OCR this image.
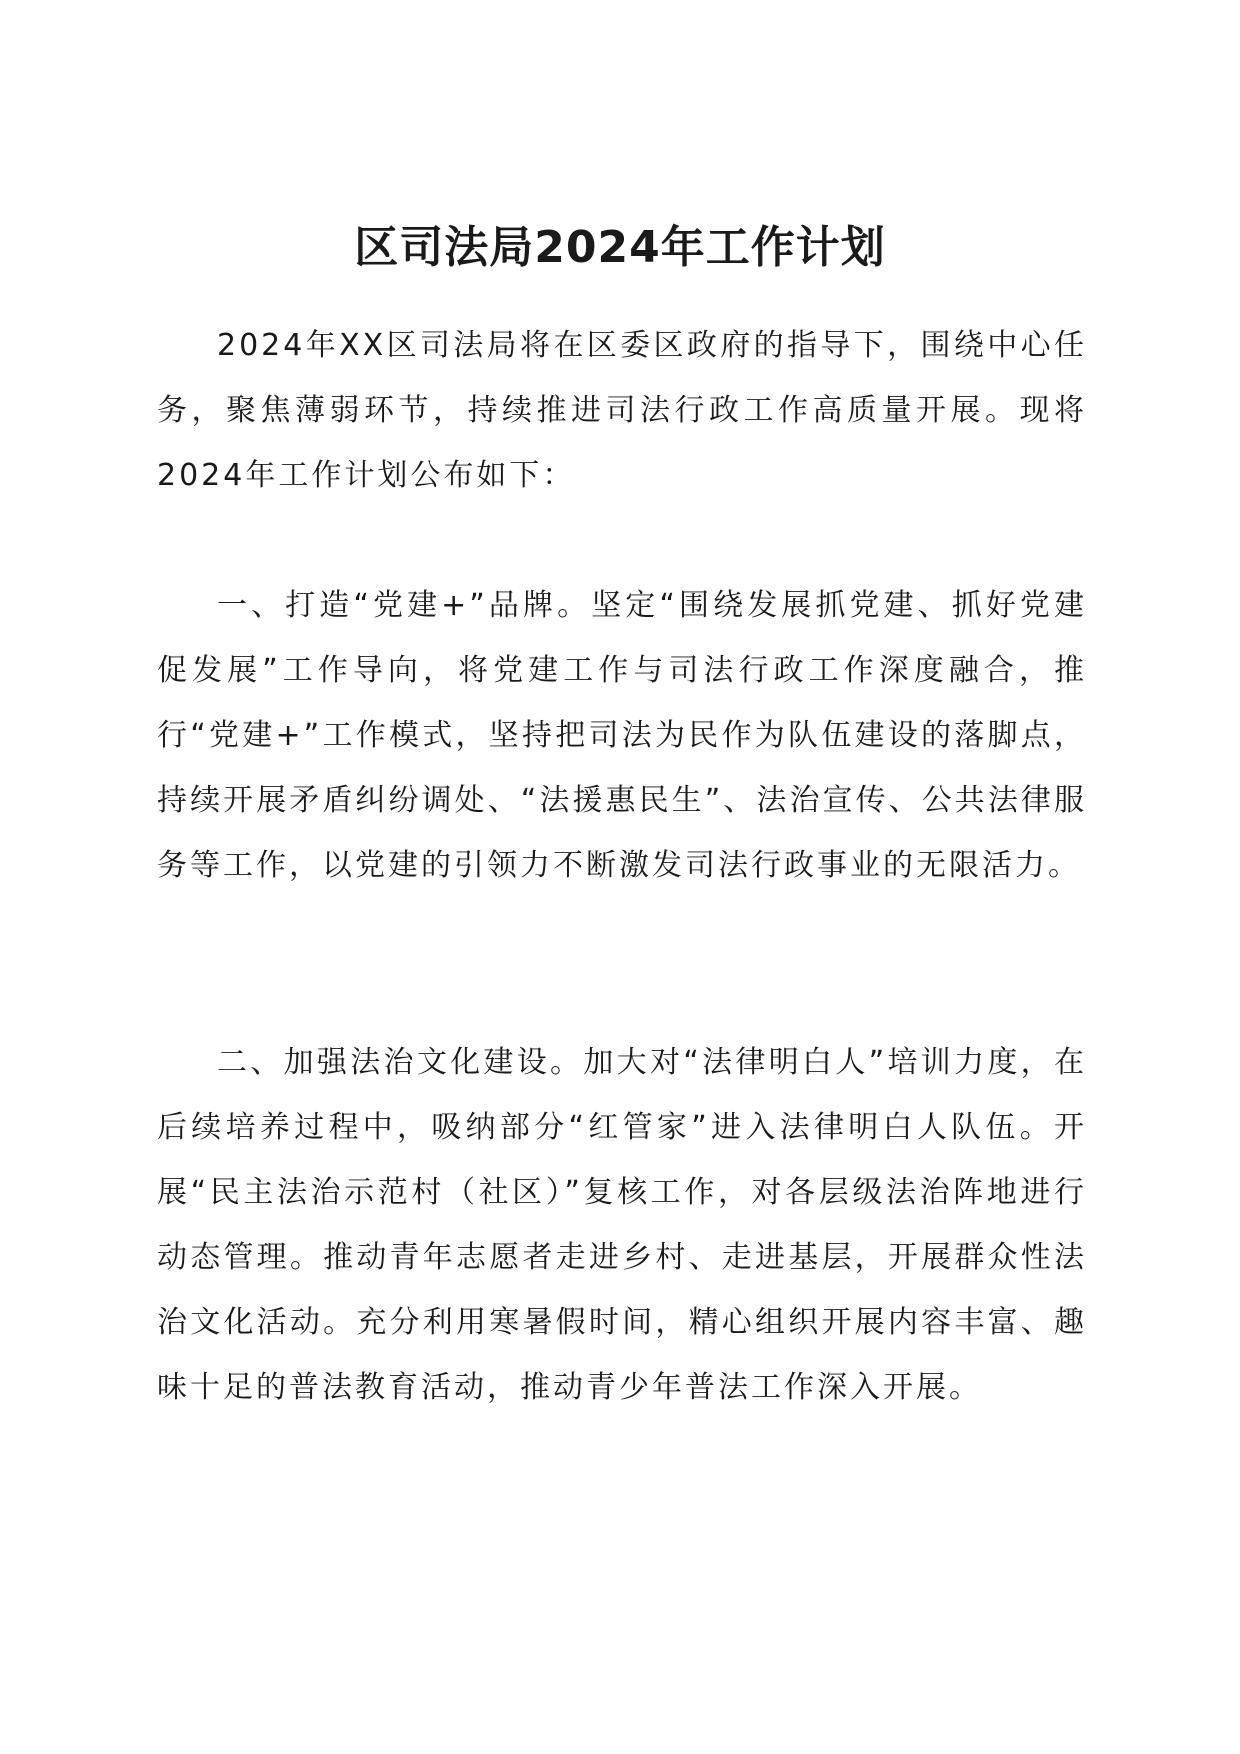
区司法局2024年工作计划

2024年XX区司法局将在区委区政府的指导下，围绕中心任务，聚焦薄弱环节，持续推进司法行政工作高质量开展。现将2024年工作计划公布如下：

一、打造“党建+”品牌。坚定“围绕发展抓党建、抓好党建促发展”工作导向，将党建工作与司法行政工作深度融合，推行“党建+”工作模式，坚持把司法为民作为队伍建设的落脚点，持续开展矛盾纠纷调处、“法援惠民生”、法治宣传、公共法律服务等工作，以党建的引领力不断激发司法行政事业的无限活力。

二、加强法治文化建设。加大对“法律明白人”培训力度，在后续培养过程中，吸纳部分“红管家”进入法律明白人队伍。开展“民主法治示范村（社区）”复核工作，对各层级法治阵地进行动态管理。推动青年志愿者走进乡村、走进基层，开展群众性法治文化活动。充分利用寒暑假时间，精心组织开展内容丰富、趣味十足的普法教育活动，推动青少年普法工作深入开展。
